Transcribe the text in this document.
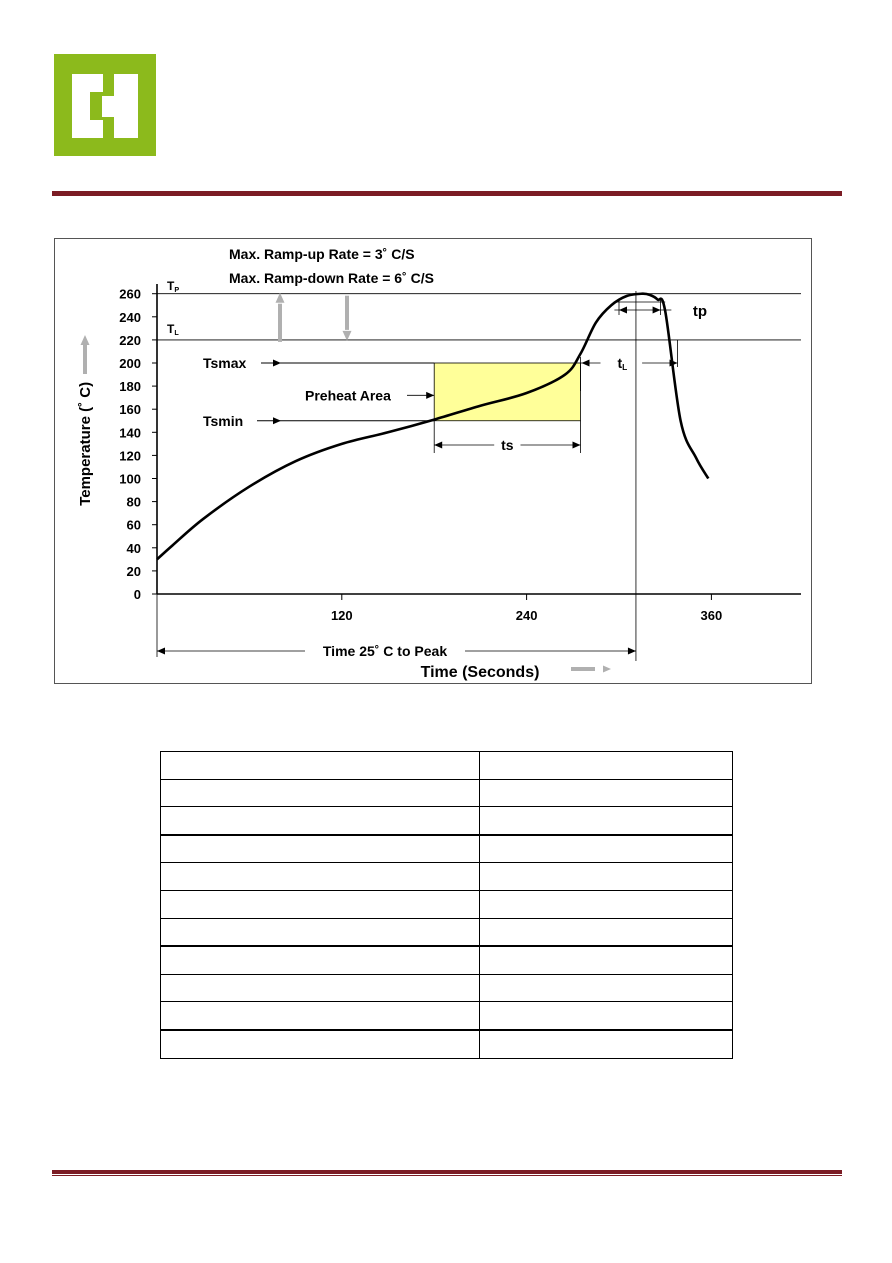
Temperature (˚ C)
Time (Seconds)
0
20
40
60
80
100
120
140
160
180
200
220
240
260
120	240	360
TP
TL
Tsmax
Tsmin
Preheat Area
ts
Max. Ramp-up Rate = 3˚ C/S
Max. Ramp-down Rate = 6˚ C/S
tL
tp
Time 25˚ C to Peak
